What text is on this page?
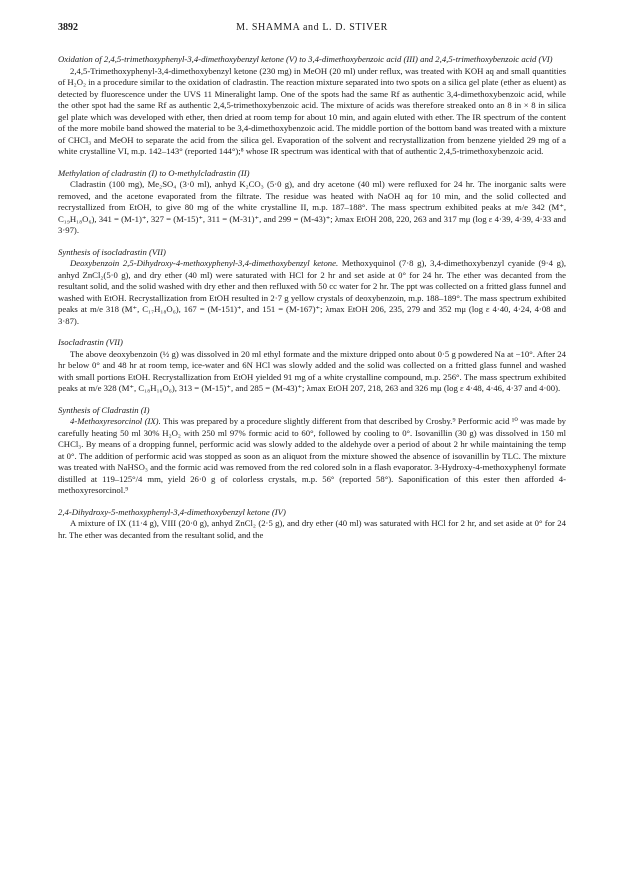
3892	M. SHAMMA and L. D. STIVER

Oxidation of 2,4,5-trimethoxyphenyl-3,4-dimethoxybenzyl ketone (V) to 3,4-dimethoxybenzoic acid (III) and 2,4,5-trimethoxybenzoic acid (VI)

2,4,5-Trimethoxyphenyl-3,4-dimethoxybenzyl ketone (230 mg) in MeOH (20 ml) under reflux, was treated with KOH aq and small quantities of H₂O₂ in a procedure similar to the oxidation of cladrastin. The reaction mixture separated into two spots on a silica gel plate (ether as eluent) as detected by fluorescence under the UVS 11 Mineralight lamp. One of the spots had the same Rf as authentic 3,4-dimethoxybenzoic acid, while the other spot had the same Rf as authentic 2,4,5-trimethoxybenzoic acid. The mixture of acids was therefore streaked onto an 8 in × 8 in silica gel plate which was developed with ether, then dried at room temp for about 10 min, and again eluted with ether. The IR spectrum of the content of the more mobile band showed the material to be 3,4-dimethoxybenzoic acid. The middle portion of the bottom band was treated with a mixture of CHCl₃ and MeOH to separate the acid from the silica gel. Evaporation of the solvent and recrystallization from benzene yielded 29 mg of a white crystalline VI, m.p. 142–143° (reported 144°);⁸ whose IR spectrum was identical with that of authentic 2,4,5-trimethoxybenzoic acid.

Methylation of cladrastin (I) to O-methylcladrastin (II)

Cladrastin (100 mg), Me₂SO₄ (3·0 ml), anhyd K₂CO₃ (5·0 g), and dry acetone (40 ml) were refluxed for 24 hr. The inorganic salts were removed, and the acetone evaporated from the filtrate. The residue was heated with NaOH aq for 10 min, and the solid collected and recrystallized from EtOH, to give 80 mg of the white crystalline II, m.p. 187–188°. The mass spectrum exhibited peaks at m/e 342 (M⁺, C₁₉H₁₈O₆), 341 = (M-1)⁺, 327 = (M-15)⁺, 311 = (M-31)⁺, and 299 = (M-43)⁺; λmax EtOH 208, 220, 263 and 317 mμ (log ε 4·39, 4·39, 4·33 and 3·97).

Synthesis of isocladrastin (VII)

Deoxybenzoin 2,5-Dihydroxy-4-methoxyphenyl-3,4-dimethoxybenzyl ketone. Methoxyquinol (7·8 g), 3,4-dimethoxybenzyl cyanide (9·4 g), anhyd ZnCl₂(5·0 g), and dry ether (40 ml) were saturated with HCl for 2 hr and set aside at 0° for 24 hr. The ether was decanted from the resultant solid, and the solid washed with dry ether and then refluxed with 50 cc water for 2 hr. The ppt was collected on a fritted glass funnel and washed with EtOH. Recrystallization from EtOH resulted in 2·7 g yellow crystals of deoxybenzoin, m.p. 188–189°. The mass spectrum exhibited peaks at m/e 318 (M⁺, C₁₇H₁₈O₆), 167 = (M-151)⁺, and 151 = (M-167)⁺; λmax EtOH 206, 235, 279 and 352 mμ (log ε 4·40, 4·24, 4·08 and 3·87).

Isocladrastin (VII)

The above deoxybenzoin (½ g) was dissolved in 20 ml ethyl formate and the mixture dripped onto about 0·5 g powdered Na at −10°. After 24 hr below 0° and 48 hr at room temp, ice-water and 6N HCl was slowly added and the solid was collected on a fritted glass funnel and washed with small portions EtOH. Recrystallization from EtOH yielded 91 mg of a white crystalline compound, m.p. 256°. The mass spectrum exhibited peaks at m/e 328 (M⁺, C₁₈H₁₆O₆), 313 = (M-15)⁺, and 285 = (M-43)⁺; λmax EtOH 207, 218, 263 and 326 mμ (log ε 4·48, 4·46, 4·37 and 4·00).

Synthesis of Cladrastin (I)

4-Methoxyresorcinol (IX). This was prepared by a procedure slightly different from that described by Crosby.⁹ Performic acid ¹⁰ was made by carefully heating 50 ml 30% H₂O₂ with 250 ml 97% formic acid to 60°, followed by cooling to 0°. Isovanillin (30 g) was dissolved in 150 ml CHCl₃. By means of a dropping funnel, performic acid was slowly added to the aldehyde over a period of about 2 hr while maintaining the temp at 0°. The addition of performic acid was stopped as soon as an aliquot from the mixture showed the absence of isovanillin by TLC. The mixture was treated with NaHSO₃ and the formic acid was removed from the red colored soln in a flash evaporator. 3-Hydroxy-4-methoxyphenyl formate distilled at 119–125°/4 mm, yield 26·0 g of colorless crystals, m.p. 56° (reported 58°). Saponification of this ester then afforded 4-methoxyresorcinol.⁹

2,4-Dihydroxy-5-methoxyphenyl-3,4-dimethoxybenzyl ketone (IV)

A mixture of IX (11·4 g), VIII (20·0 g), anhyd ZnCl₂ (2·5 g), and dry ether (40 ml) was saturated with HCl for 2 hr, and set aside at 0° for 24 hr. The ether was decanted from the resultant solid, and the
